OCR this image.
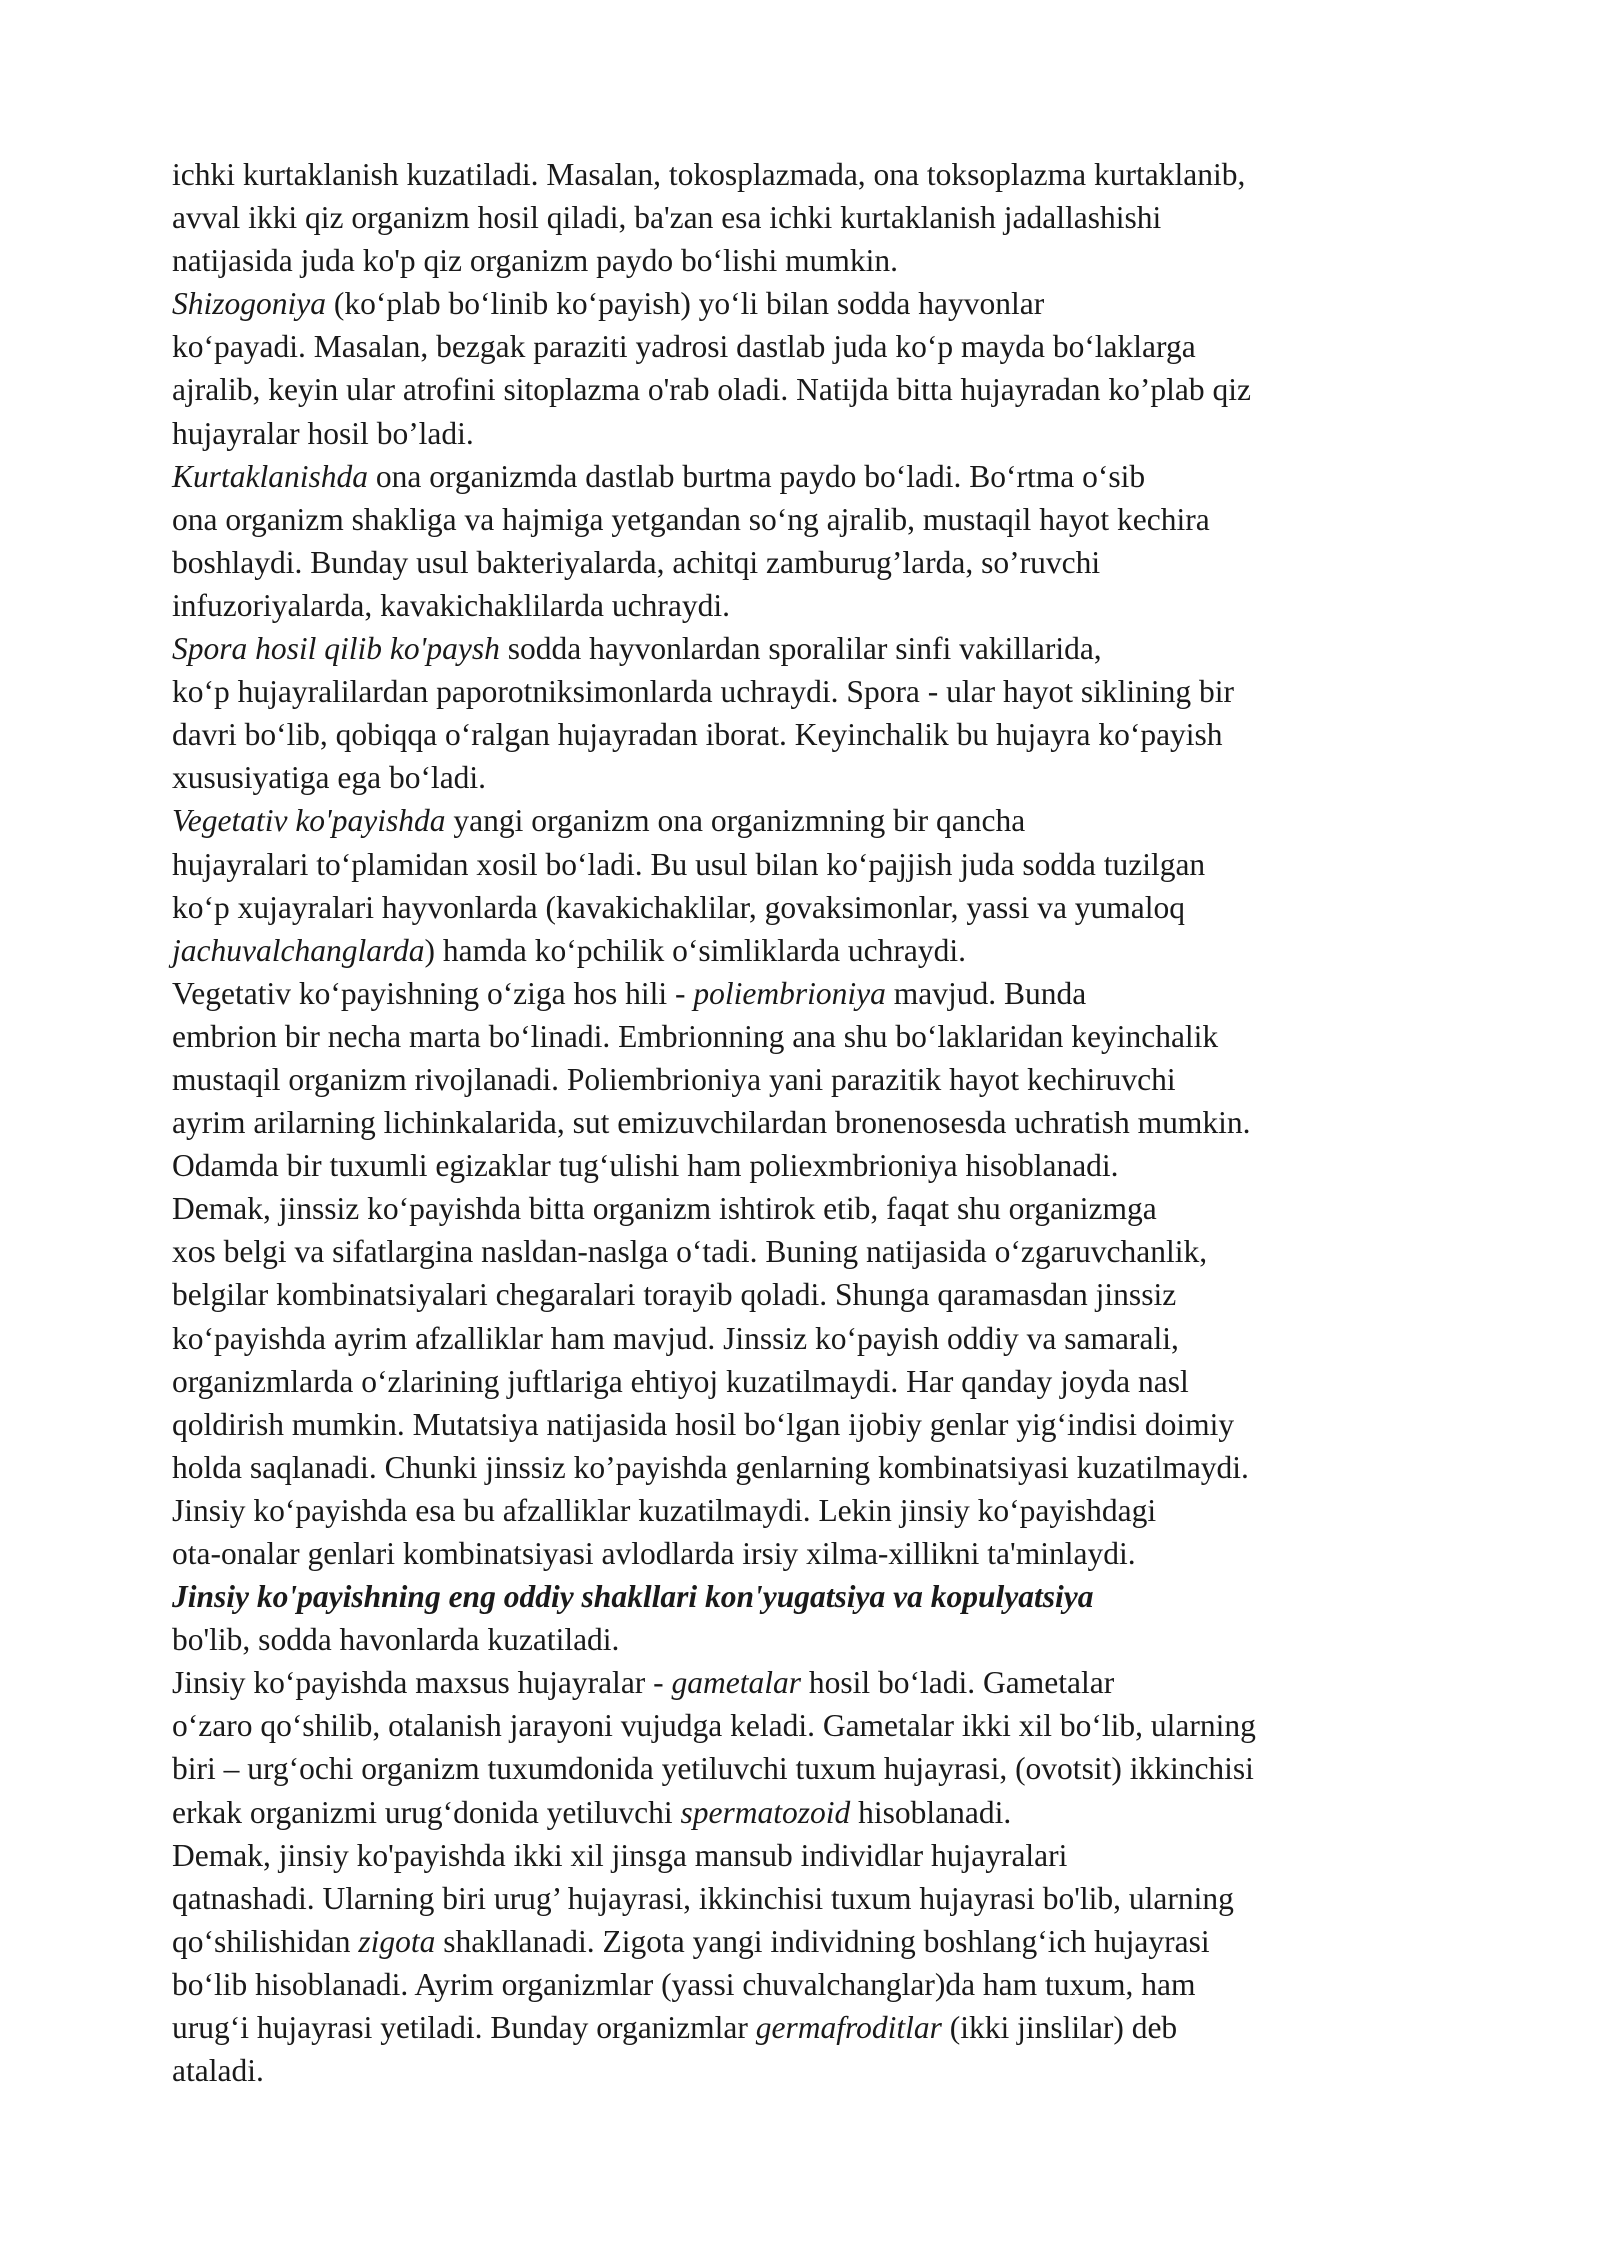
ichki kurtaklanish kuzatiladi. Masalan, tokosplazmada, ona toksoplazma kurtaklanib,
avval ikki qiz organizm hosil qiladi, ba'zan esa ichki kurtaklanish jadallashishi
natijasida juda ko'p qiz organizm paydo bo‘lishi mumkin.
Shizogoniya (ko‘plab bo‘linib ko‘payish) yo‘li bilan sodda hayvonlar
ko‘payadi. Masalan, bezgak paraziti yadrosi dastlab juda ko‘p mayda bo‘laklarga
ajralib, keyin ular atrofini sitoplazma o'rab oladi. Natijda bitta hujayradan ko’plab qiz
hujayralar hosil bo’ladi.
Kurtaklanishda ona organizmda dastlab burtma paydo bo‘ladi. Bo‘rtma o‘sib
ona organizm shakliga va hajmiga yetgandan so‘ng ajralib, mustaqil hayot kechira
boshlaydi. Bunday usul bakteriyalarda, achitqi zamburug’larda, so’ruvchi
infuzoriyalarda, kavakichaklilarda uchraydi.
Spora hosil qilib ko'paysh sodda hayvonlardan sporalilar sinfi vakillarida,
ko‘p hujayralilardan paporotniksimonlarda uchraydi. Spora - ular hayot siklining bir
davri bo‘lib, qobiqqa o‘ralgan hujayradan iborat. Keyinchalik bu hujayra ko‘payish
xususiyatiga ega bo‘ladi.
Vegetativ ko'payishda yangi organizm ona organizmning bir qancha
hujayralari to‘plamidan xosil bo‘ladi. Bu usul bilan ko‘pajjish juda sodda tuzilgan
ko‘p xujayralari hayvonlarda (kavakichaklilar, govaksimonlar, yassi va yumaloq
jachuvalchanglarda) hamda ko‘pchilik o‘simliklarda uchraydi.
Vegetativ ko‘payishning o‘ziga hos hili - poliembrioniya mavjud. Bunda
embrion bir necha marta bo‘linadi. Embrionning ana shu bo‘laklaridan keyinchalik
mustaqil organizm rivojlanadi. Poliembrioniya yani parazitik hayot kechiruvchi
ayrim arilarning lichinkalarida, sut emizuvchilardan bronenosesda uchratish mumkin.
Odamda bir tuxumli egizaklar tug‘ulishi ham poliexmbrioniya hisoblanadi.
Demak, jinssiz ko‘payishda bitta organizm ishtirok etib, faqat shu organizmga
xos belgi va sifatlargina nasldan-naslga o‘tadi. Buning natijasida o‘zgaruvchanlik,
belgilar kombinatsiyalari chegaralari torayib qoladi. Shunga qaramasdan jinssiz
ko‘payishda ayrim afzalliklar ham mavjud. Jinssiz ko‘payish oddiy va samarali,
organizmlarda o‘zlarining juftlariga ehtiyoj kuzatilmaydi. Har qanday joyda nasl
qoldirish mumkin. Mutatsiya natijasida hosil bo‘lgan ijobiy genlar yig‘indisi doimiy
holda saqlanadi. Chunki jinssiz ko’payishda genlarning kombinatsiyasi kuzatilmaydi.
Jinsiy ko‘payishda esa bu afzalliklar kuzatilmaydi. Lekin jinsiy ko‘payishdagi
ota-onalar genlari kombinatsiyasi avlodlarda irsiy xilma-xillikni ta'minlaydi.
Jinsiy ko'payishning eng oddiy shakllari kon'yugatsiya va kopulyatsiya
bo'lib, sodda havonlarda kuzatiladi.
Jinsiy ko‘payishda maxsus hujayralar - gametalar hosil bo‘ladi. Gametalar
o‘zaro qo‘shilib, otalanish jarayoni vujudga keladi. Gametalar ikki xil bo‘lib, ularning
biri – urg‘ochi organizm tuxumdonida yetiluvchi tuxum hujayrasi, (ovotsit) ikkinchisi
erkak organizmi urug‘donida yetiluvchi spermatozoid hisoblanadi.
Demak, jinsiy ko'payishda ikki xil jinsga mansub individlar hujayralari
qatnashadi. Ularning biri urug’ hujayrasi, ikkinchisi tuxum hujayrasi bo'lib, ularning
qo‘shilishidan zigota shakllanadi. Zigota yangi individning boshlang‘ich hujayrasi
bo‘lib hisoblanadi. Ayrim organizmlar (yassi chuvalchanglar)da ham tuxum, ham
urug‘i hujayrasi yetiladi. Bunday organizmlar germafroditlar (ikki jinslilar) deb
ataladi.
